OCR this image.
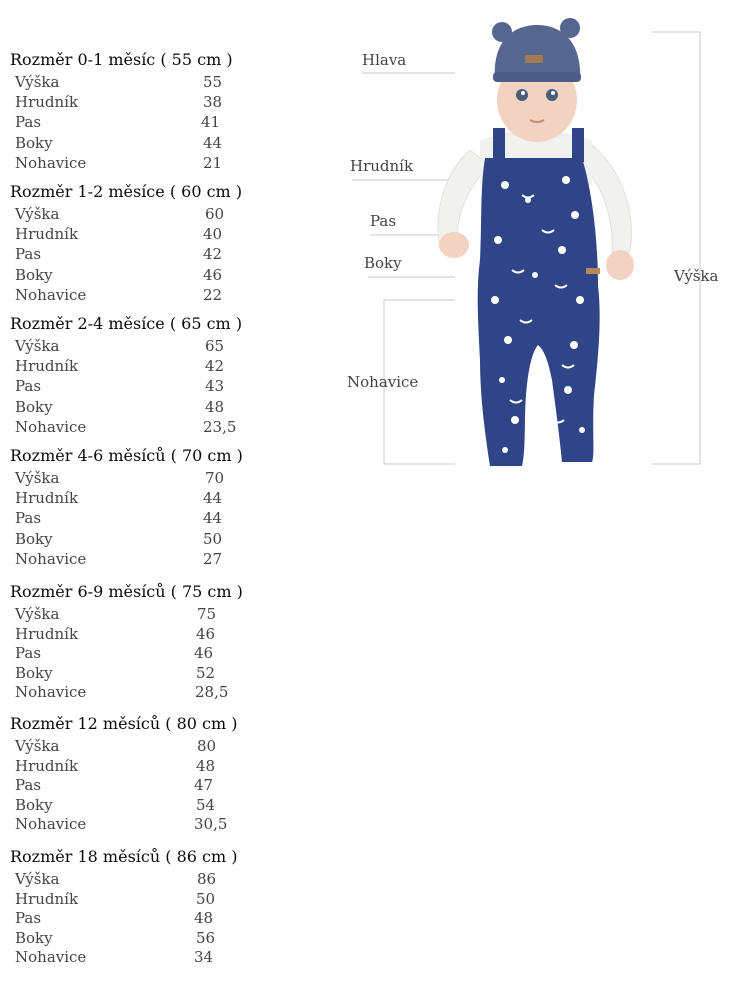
Rozměr 0-1 měsíc ( 55 cm )
Výška	55
Hrudník	38
Pas	41
Boky	44
Nohavice	21
Rozměr 1-2 měsíce ( 60 cm )
Výška	60
Hrudník	40
Pas	42
Boky	46
Nohavice	22
Rozměr 2-4 měsíce ( 65 cm )
Výška	65
Hrudník	42
Pas	43
Boky	48
Nohavice	23,5
Rozměr 4-6 měsíců ( 70 cm )
Výška	70
Hrudník	44
Pas	44
Boky	50
Nohavice	27
Rozměr 6-9 měsíců ( 75 cm )
Výška	75
Hrudník	46
Pas	46
Boky	52
Nohavice	28,5
Rozměr 12 měsíců ( 80 cm )
Výška	80
Hrudník	48
Pas	47
Boky	54
Nohavice	30,5
Rozměr 18 měsíců ( 86 cm )
Výška	86
Hrudník	50
Pas	48
Boky	56
Nohavice	34
Hlava
Hrudník
Pas
Boky
Nohavice
Výška
